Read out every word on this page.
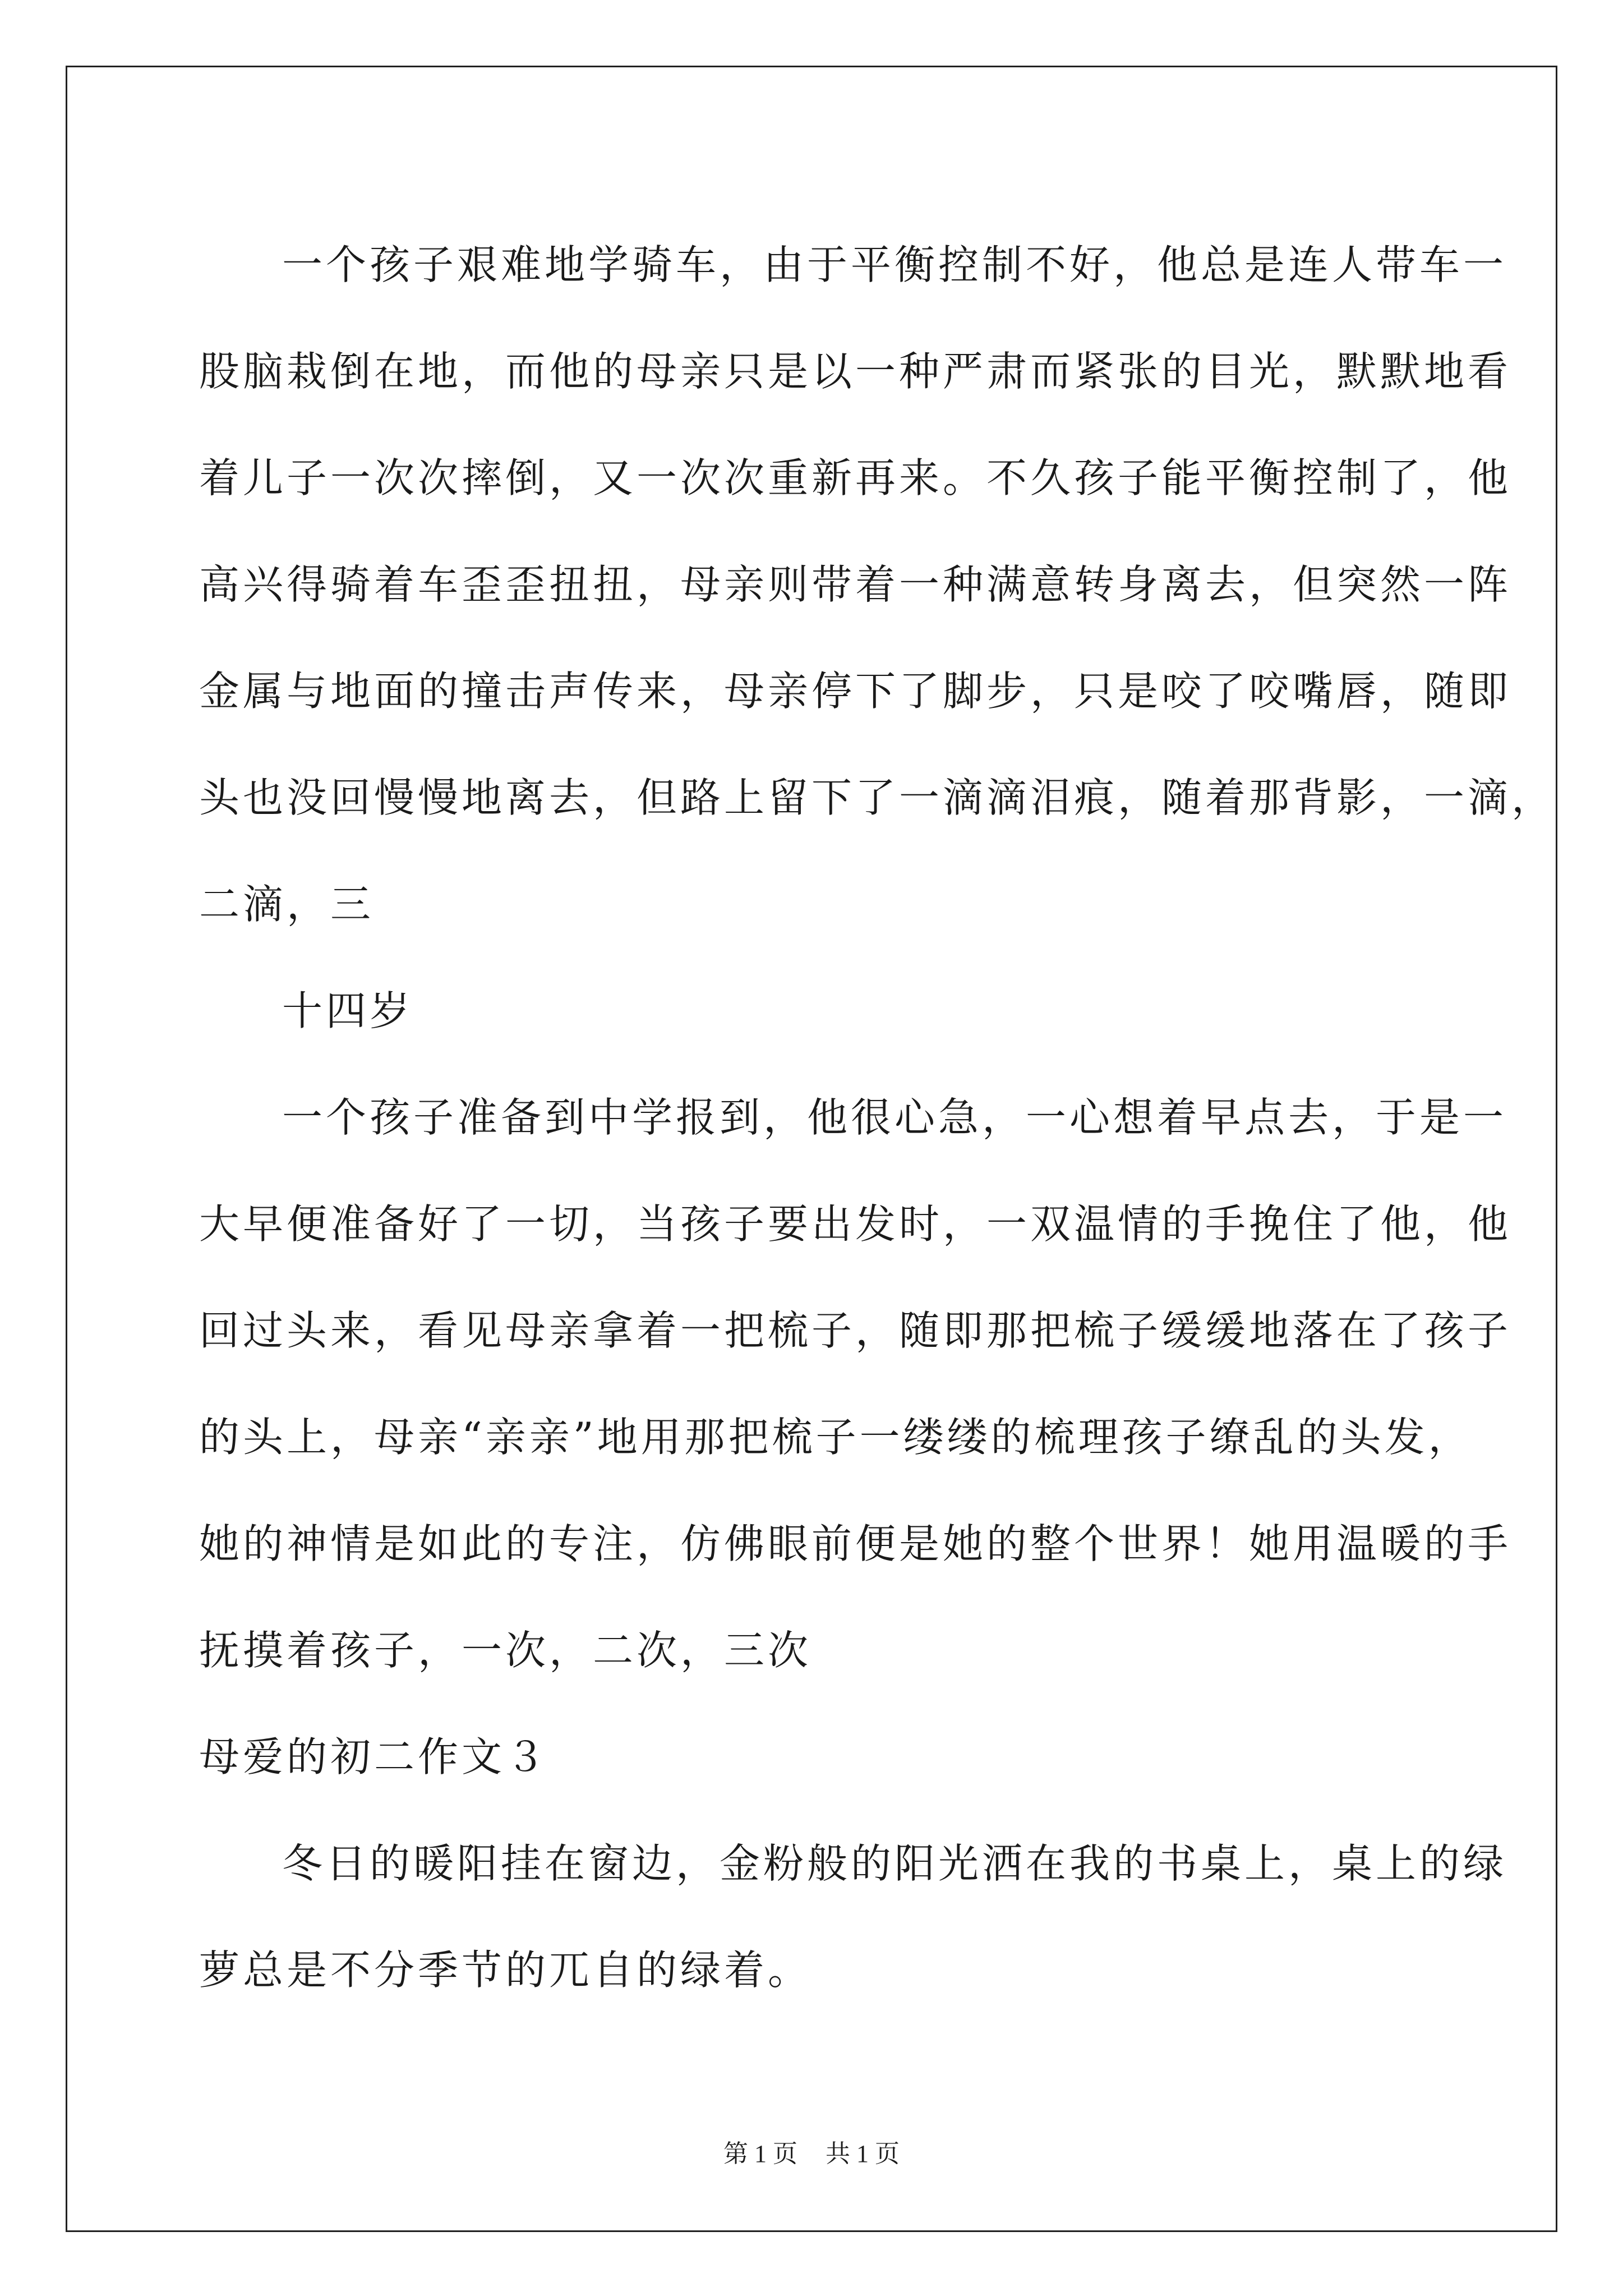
一个孩子艰难地学骑车，由于平衡控制不好，他总是连人带车一
股脑栽倒在地，而他的母亲只是以一种严肃而紧张的目光，默默地看
着儿子一次次摔倒，又一次次重新再来。不久孩子能平衡控制了，他
高兴得骑着车歪歪扭扭，母亲则带着一种满意转身离去，但突然一阵
金属与地面的撞击声传来，母亲停下了脚步，只是咬了咬嘴唇，随即
头也没回慢慢地离去，但路上留下了一滴滴泪痕，随着那背影，一滴，
二滴，三
十四岁
一个孩子准备到中学报到，他很心急，一心想着早点去，于是一
大早便准备好了一切，当孩子要出发时，一双温情的手挽住了他，他
回过头来，看见母亲拿着一把梳子，随即那把梳子缓缓地落在了孩子
的头上，母亲“亲亲”地用那把梳子一缕缕的梳理孩子缭乱的头发，
她的神情是如此的专注，仿佛眼前便是她的整个世界！她用温暖的手
抚摸着孩子，一次，二次，三次
母爱的初二作文３
冬日的暖阳挂在窗边，金粉般的阳光洒在我的书桌上，桌上的绿
萝总是不分季节的兀自的绿着。
第 1 页 共 1 页
